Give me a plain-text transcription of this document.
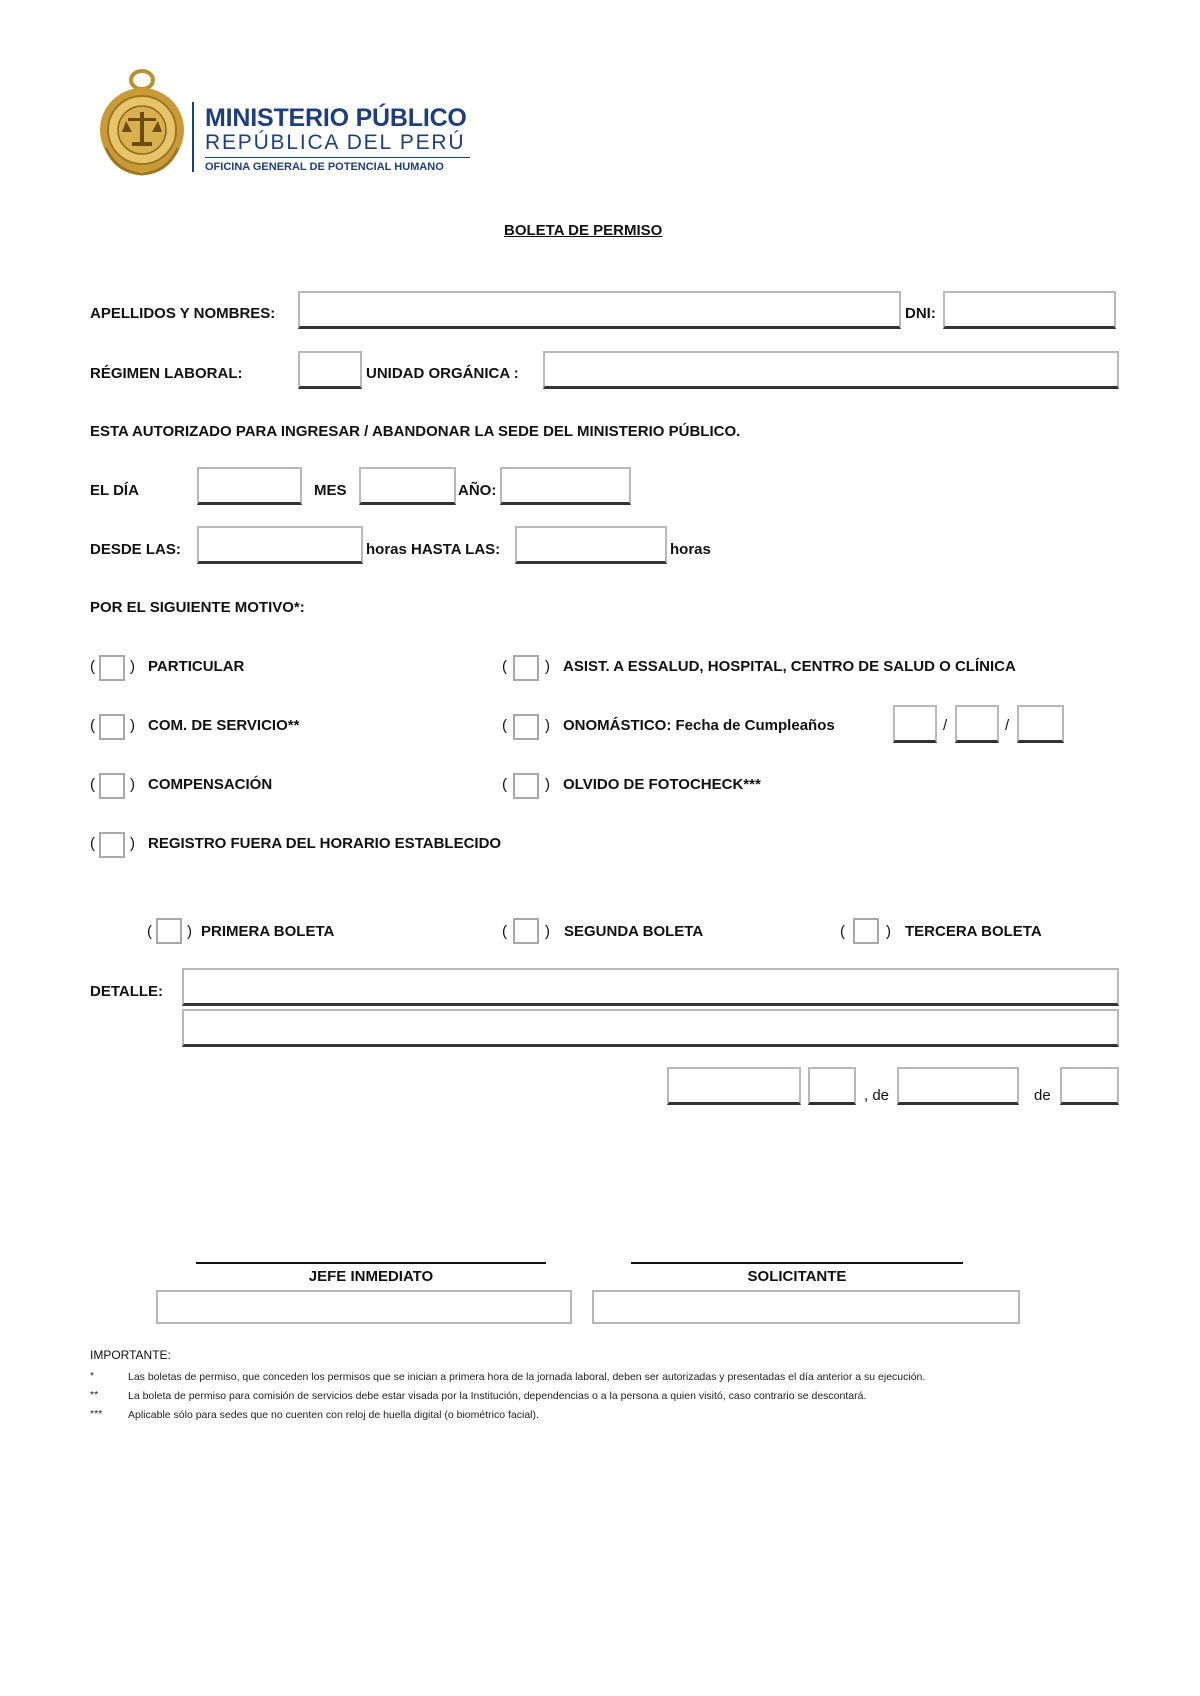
MINISTERIO PÚBLICO
REPÚBLICA DEL PERÚ
OFICINA GENERAL DE POTENCIAL HUMANO
BOLETA DE PERMISO
APELLIDOS Y NOMBRES:	DNI:
RÉGIMEN LABORAL:	UNIDAD ORGÁNICA :
ESTA AUTORIZADO PARA INGRESAR / ABANDONAR LA SEDE DEL MINISTERIO PÚBLICO.
EL DÍA	MES	AÑO:
DESDE LAS:	horas HASTA LAS:	horas
POR EL SIGUIENTE MOTIVO*:
( ) PARTICULAR
( ) COM. DE SERVICIO**
( ) COMPENSACIÓN
( ) REGISTRO FUERA DEL HORARIO ESTABLECIDO
(	) ASIST. A ESSALUD, HOSPITAL, CENTRO DE SALUD O CLÍNICA
(	) ONOMÁSTICO: Fecha de Cumpleaños	/	/
(	) OLVIDO DE FOTOCHECK***
( ) PRIMERA BOLETA	(	) SEGUNDA BOLETA	(	) TERCERA BOLETA
DETALLE:
, de	de
JEFE INMEDIATO	SOLICITANTE
IMPORTANTE:
*	Las boletas de permiso, que conceden los permisos que se inician a primera hora de la jornada laboral, deben ser autorizadas y presentadas el día anterior a su ejecución.
**	La boleta de permiso para comisión de servicios debe estar visada por la Institución, dependencias o a la persona a quien visitó, caso contrario se descontará.
*** Aplicable sólo para sedes que no cuenten con reloj de huella digital (o biométrico facial).
